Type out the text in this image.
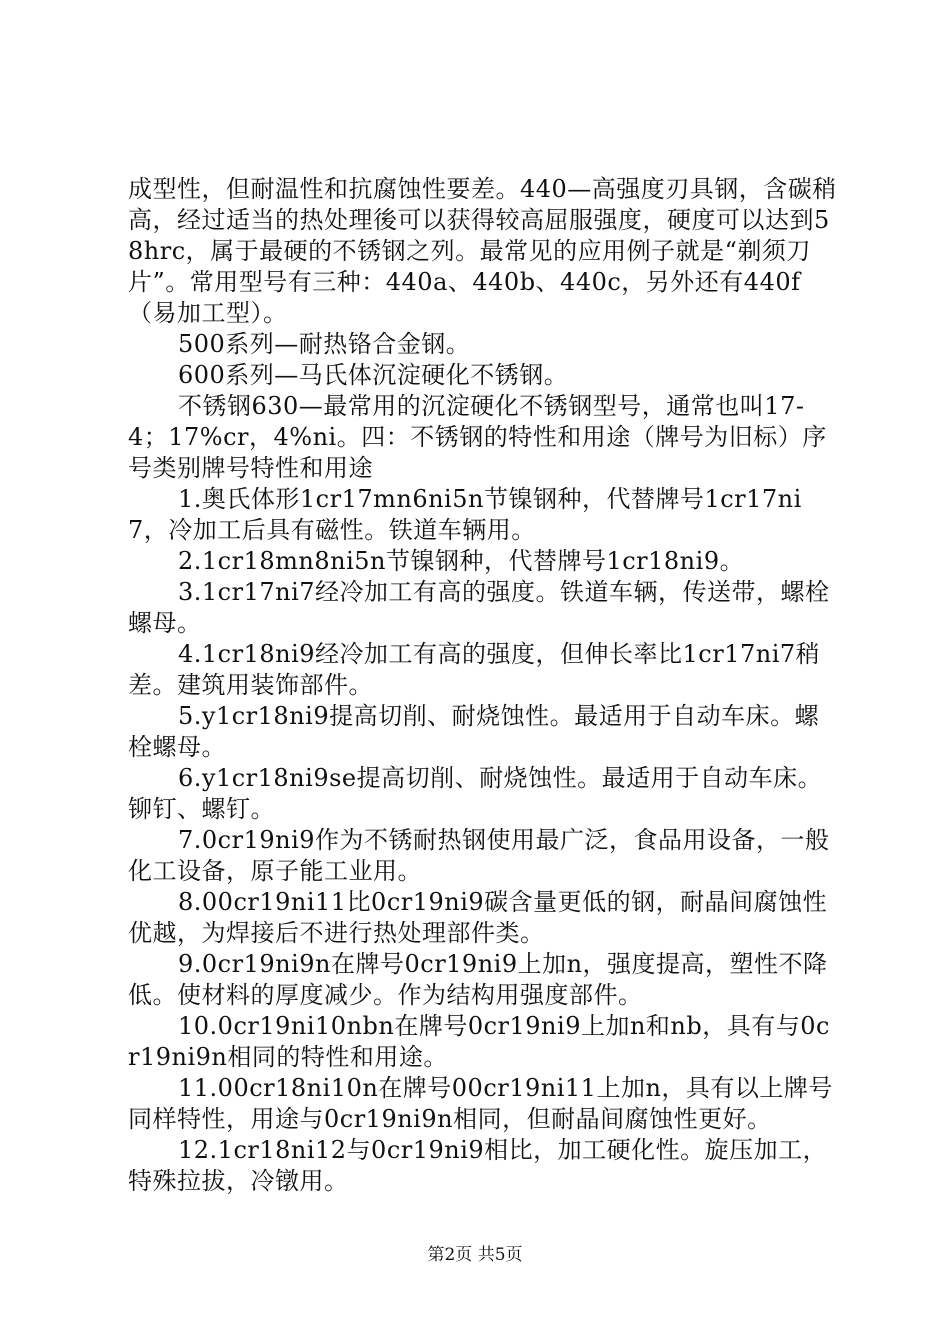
成型性，但耐温性和抗腐蚀性要差。440—高强度刃具钢，含碳稍高，经过适当的热处理後可以获得较高屈服强度，硬度可以达到58hrc，属于最硬的不锈钢之列。最常见的应用例子就是“剃须刀片”。常用型号有三种：440a、440b、440c，另外还有440f（易加工型）。

500系列—耐热铬合金钢。

600系列—马氏体沉淀硬化不锈钢。

不锈钢630—最常用的沉淀硬化不锈钢型号，通常也叫17-4；17%cr，4%ni。四：不锈钢的特性和用途（牌号为旧标）序号类别牌号特性和用途

1.奥氏体形1cr17mn6ni5n节镍钢种，代替牌号1cr17ni7，冷加工后具有磁性。铁道车辆用。

2.1cr18mn8ni5n节镍钢种，代替牌号1cr18ni9。

3.1cr17ni7经冷加工有高的强度。铁道车辆，传送带，螺栓螺母。

4.1cr18ni9经冷加工有高的强度，但伸长率比1cr17ni7稍差。建筑用装饰部件。

5.y1cr18ni9提高切削、耐烧蚀性。最适用于自动车床。螺栓螺母。

6.y1cr18ni9se提高切削、耐烧蚀性。最适用于自动车床。铆钉、螺钉。

7.0cr19ni9作为不锈耐热钢使用最广泛，食品用设备，一般化工设备，原子能工业用。

8.00cr19ni11比0cr19ni9碳含量更低的钢，耐晶间腐蚀性优越，为焊接后不进行热处理部件类。

9.0cr19ni9n在牌号0cr19ni9上加n，强度提高，塑性不降低。使材料的厚度减少。作为结构用强度部件。

10.0cr19ni10nbn在牌号0cr19ni9上加n和nb，具有与0cr19ni9n相同的特性和用途。

11.00cr18ni10n在牌号00cr19ni11上加n，具有以上牌号同样特性，用途与0cr19ni9n相同，但耐晶间腐蚀性更好。

12.1cr18ni12与0cr19ni9相比，加工硬化性。旋压加工，特殊拉拔，冷镦用。

第2页 共5页
